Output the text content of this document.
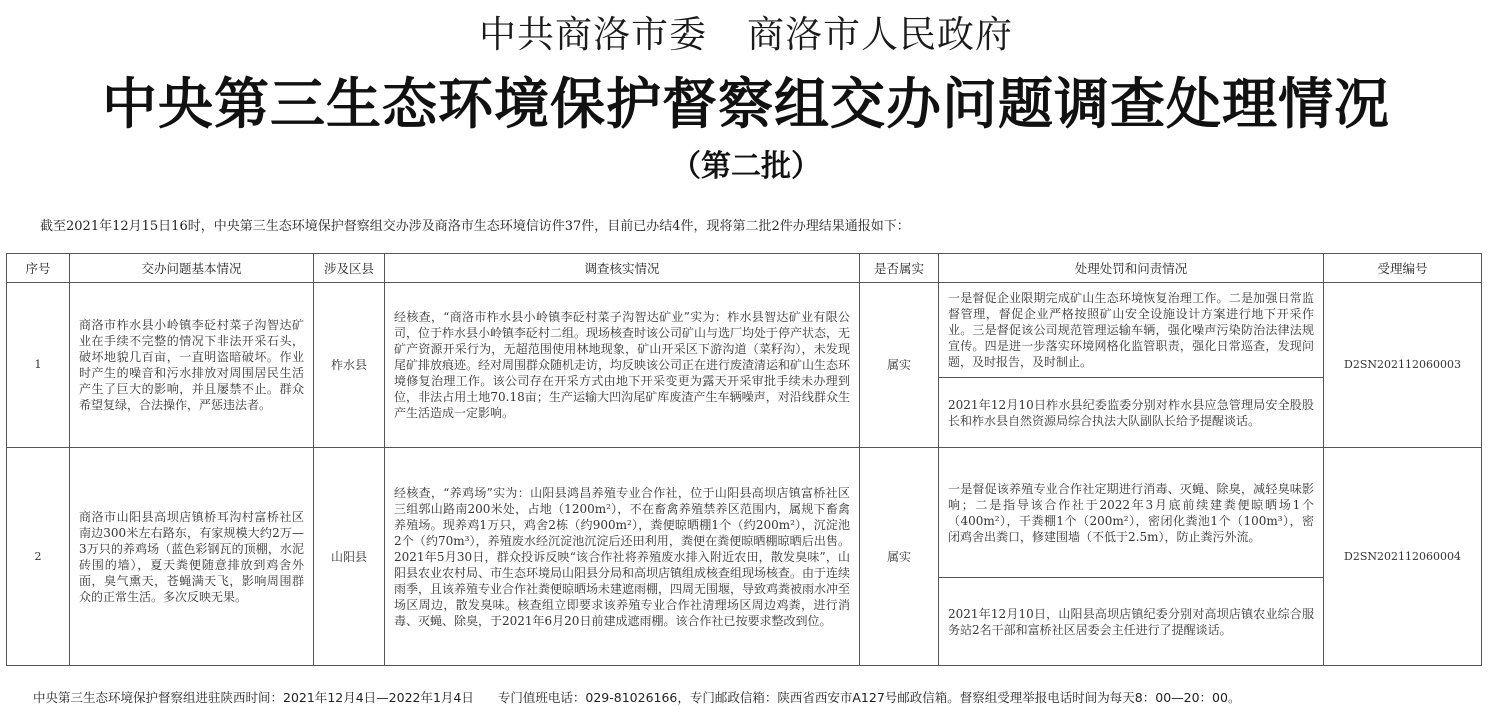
中共商洛市委 商洛市人民政府
中央第三生态环境保护督察组交办问题调查处理情况
（第二批）
截至2021年12月15日16时，中央第三生态环境保护督察组交办涉及商洛市生态环境信访件37件，目前已办结4件，现将第二批2件办理结果通报如下：
序号	交办问题基本情况	涉及区县	调查核实情况	是否属实	处理处罚和问责情况	受理编号
1	商洛市柞水县小岭镇李砭村菜子沟智达矿业在手续不完整的情况下非法开采石头，破坏地貌几百亩，一直明盗暗破坏。作业时产生的噪音和污水排放对周围居民生活产生了巨大的影响，并且屡禁不止。群众希望复绿，合法操作，严惩违法者。	柞水县	经核查，“商洛市柞水县小岭镇李砭村菜子沟智达矿业”实为：柞水县智达矿业有限公司，位于柞水县小岭镇李砭村二组。现场核查时该公司矿山与选厂均处于停产状态，无矿产资源开采行为，无超范围使用林地现象，矿山开采区下游沟道（菜籽沟），未发现尾矿排放痕迹。经对周围群众随机走访，均反映该公司正在进行废渣清运和矿山生态环境修复治理工作。该公司存在开采方式由地下开采变更为露天开采审批手续未办理到位，非法占用土地70.18亩；生产运输大凹沟尾矿库废渣产生车辆噪声，对沿线群众生产生活造成一定影响。	属实	一是督促企业限期完成矿山生态环境恢复治理工作。二是加强日常监督管理，督促企业严格按照矿山安全设施设计方案进行地下开采作业。三是督促该公司规范管理运输车辆，强化噪声污染防治法律法规宣传。四是进一步落实环境网格化监管职责，强化日常巡查，发现问题，及时报告，及时制止。	D2SN202112060003
					2021年12月10日柞水县纪委监委分别对柞水县应急管理局安全股股长和柞水县自然资源局综合执法大队副队长给予提醒谈话。	
2	商洛市山阳县高坝店镇桥耳沟村富桥社区南边300米左右路东，有家规模大约2万—3万只的养鸡场（蓝色彩钢瓦的顶棚，水泥砖围的墙），夏天粪便随意排放到鸡舍外面，臭气熏天，苍蝇满天飞，影响周围群众的正常生活。多次反映无果。	山阳县	经核查，“养鸡场”实为：山阳县鸿昌养殖专业合作社，位于山阳县高坝店镇富桥社区三组郭山路南200米处，占地（1200m²），不在畜禽养殖禁养区范围内，属规下畜禽养殖场。现养鸡1万只，鸡舍2栋（约900m²），粪便晾晒棚1个（约200m²），沉淀池2个（约70m³），养殖废水经沉淀池沉淀后还田利用，粪便在粪便晾晒棚晾晒后出售。2021年5月30日，群众投诉反映“该合作社将养殖废水排入附近农田，散发臭味”，山阳县农业农村局、市生态环境局山阳县分局和高坝店镇组成核查组现场核查。由于连续雨季，且该养殖专业合作社粪便晾晒场未建遮雨棚，四周无围堰，导致鸡粪被雨水冲至场区周边，散发臭味。核查组立即要求该养殖专业合作社清理场区周边鸡粪，进行消毒、灭蝇、除臭，于2021年6月20日前建成遮雨棚。该合作社已按要求整改到位。	属实	一是督促该养殖专业合作社定期进行消毒、灭蝇、除臭，减轻臭味影响；二是指导该合作社于2022年3月底前续建粪便晾晒场1个（400m²），干粪棚1个（200m²），密闭化粪池1个（100m³），密闭鸡舍出粪口，修建围墙（不低于2.5m），防止粪污外流。	D2SN202112060004
					2021年12月10日，山阳县高坝店镇纪委分别对高坝店镇农业综合服务站2名干部和富桥社区居委会主任进行了提醒谈话。	
中央第三生态环境保护督察组进驻陕西时间：2021年12月4日—2022年1月4日 专门值班电话：029-81026166，专门邮政信箱：陕西省西安市A127号邮政信箱。督察组受理举报电话时间为每天8：00—20：00。
